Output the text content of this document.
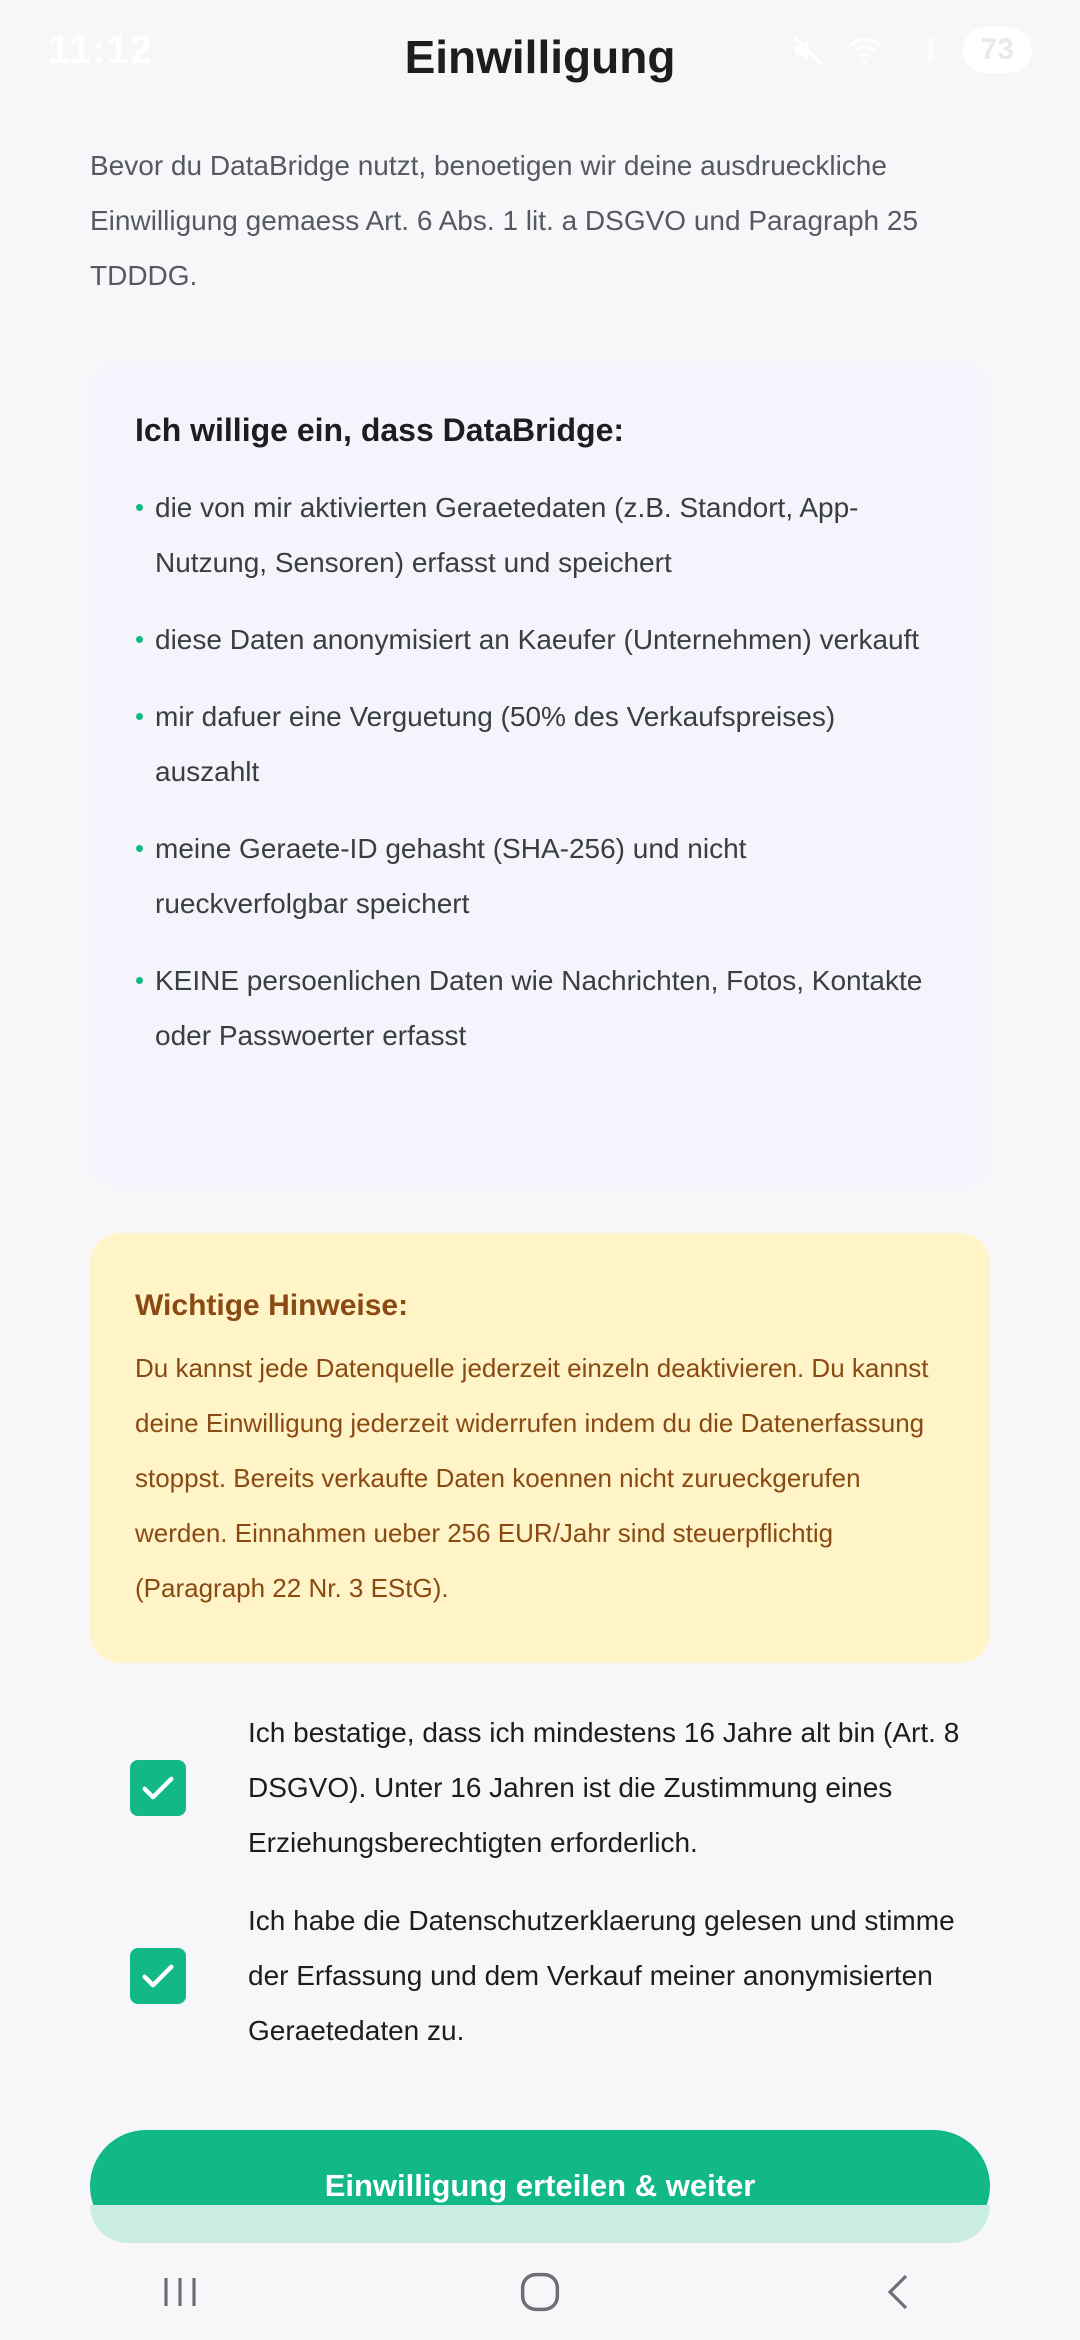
11:12	73
Einwilligung
Bevor du DataBridge nutzt, benoetigen wir deine ausdrueckliche Einwilligung gemaess Art. 6 Abs. 1 lit. a DSGVO und Paragraph 25 TDDDG.
Ich willige ein, dass DataBridge:
• die von mir aktivierten Geraetedaten (z.B. Standort, App-Nutzung, Sensoren) erfasst und speichert
• diese Daten anonymisiert an Kaeufer (Unternehmen) verkauft
• mir dafuer eine Verguetung (50% des Verkaufspreises) auszahlt
• meine Geraete-ID gehasht (SHA-256) und nicht rueckverfolgbar speichert
• KEINE persoenlichen Daten wie Nachrichten, Fotos, Kontakte oder Passwoerter erfasst
Wichtige Hinweise:
Du kannst jede Datenquelle jederzeit einzeln deaktivieren. Du kannst deine Einwilligung jederzeit widerrufen indem du die Datenerfassung stoppst. Bereits verkaufte Daten koennen nicht zurueckgerufen werden. Einnahmen ueber 256 EUR/Jahr sind steuerpflichtig (Paragraph 22 Nr. 3 EStG).
Ich bestatige, dass ich mindestens 16 Jahre alt bin (Art. 8 DSGVO). Unter 16 Jahren ist die Zustimmung eines Erziehungsberechtigten erforderlich.
Ich habe die Datenschutzerklaerung gelesen und stimme der Erfassung und dem Verkauf meiner anonymisierten Geraetedaten zu.
Einwilligung erteilen & weiter
